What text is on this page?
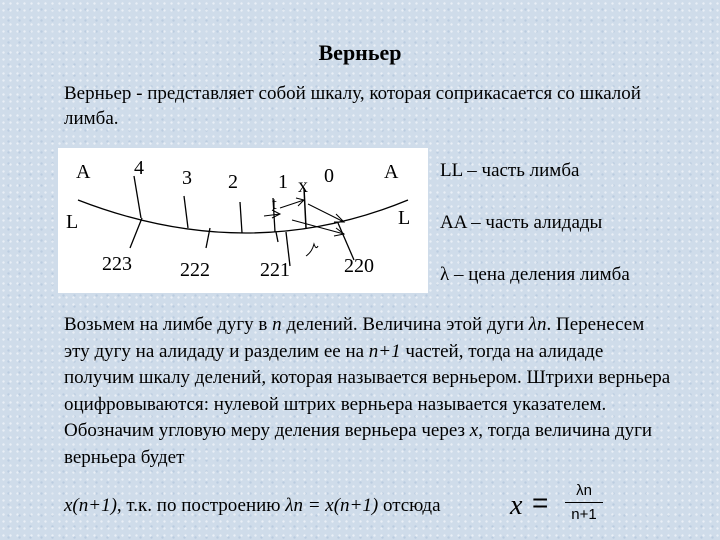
Верньер
Верньер - представляет собой шкалу, которая соприкасается со шкалой лимба.
A 4 3 2 1 x 0	A
L	L
t
223 222	221	220
LL – часть лимба
AA – часть алидады
λ – цена деления лимба
Возьмем на лимбе дугу в n делений. Величина этой дуги λn. Перенесем эту дугу на алидаду и разделим ее на n+1 частей, тогда на алидаде получим шкалу делений, которая называется верньером. Штрихи верньера оцифровываются: нулевой штрих верньера называется указателем. Обозначим угловую меру деления верньера через x, тогда величина дуги верньера будет
x(n+1), т.к. по построению λn = x(n+1) отсюда x =	λn
n+1
